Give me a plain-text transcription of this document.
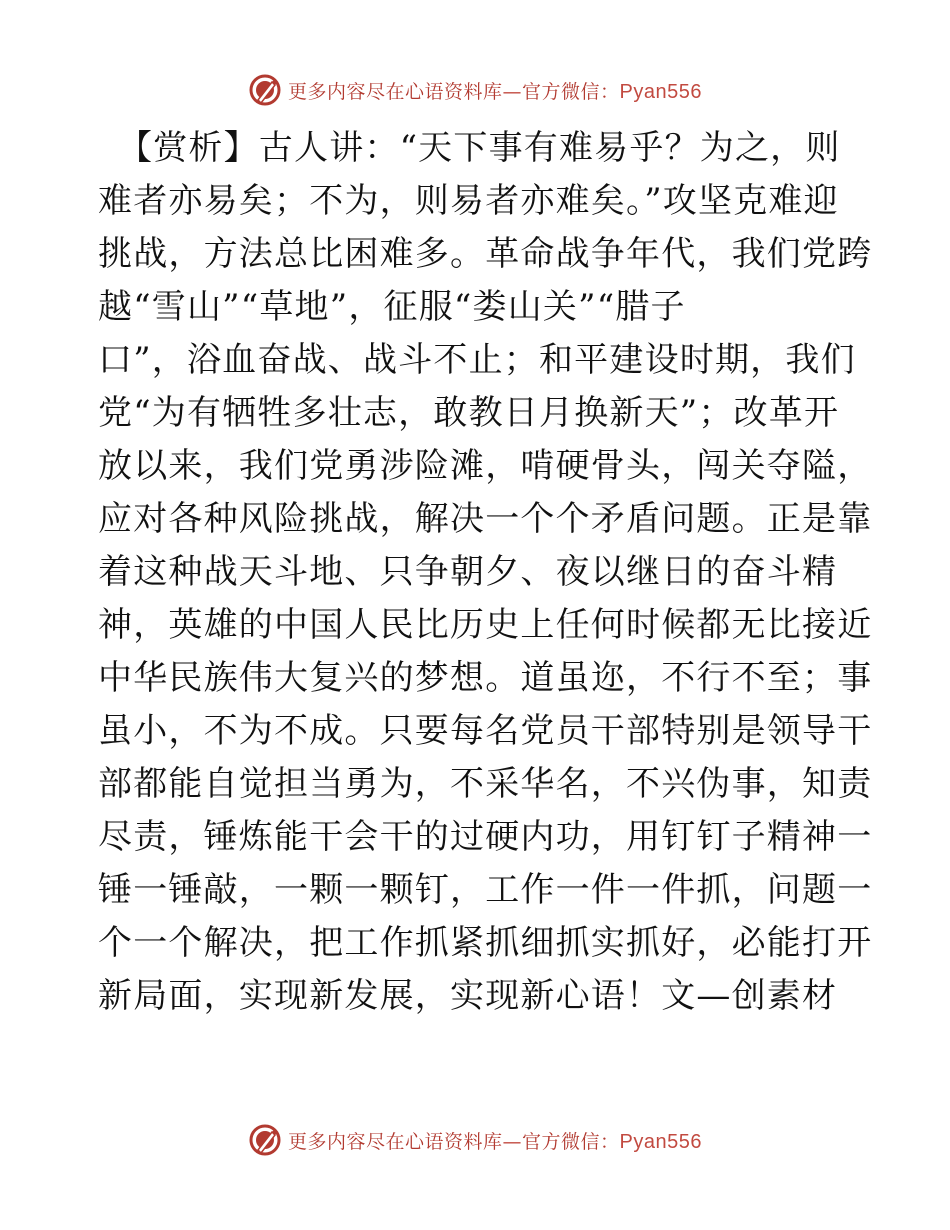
更多内容尽在心语资料库—官方微信：Pyan556
【赏析】古人讲：“天下事有难易乎？为之，则
难者亦易矣；不为，则易者亦难矣。”攻坚克难迎
挑战，方法总比困难多。革命战争年代，我们党跨
越“雪山”“草地”，征服“娄山关”“腊子
口”，浴血奋战、战斗不止；和平建设时期，我们
党“为有牺牲多壮志，敢教日月换新天”；改革开
放以来，我们党勇涉险滩，啃硬骨头，闯关夺隘，
应对各种风险挑战，解决一个个矛盾问题。正是靠
着这种战天斗地、只争朝夕、夜以继日的奋斗精
神，英雄的中国人民比历史上任何时候都无比接近
中华民族伟大复兴的梦想。道虽迩，不行不至；事
虽小，不为不成。只要每名党员干部特别是领导干
部都能自觉担当勇为，不采华名，不兴伪事，知责
尽责，锤炼能干会干的过硬内功，用钉钉子精神一
锤一锤敲，一颗一颗钉，工作一件一件抓，问题一
个一个解决，把工作抓紧抓细抓实抓好，必能打开
新局面，实现新发展，实现新心语！文—创素材
更多内容尽在心语资料库—官方微信：Pyan556
